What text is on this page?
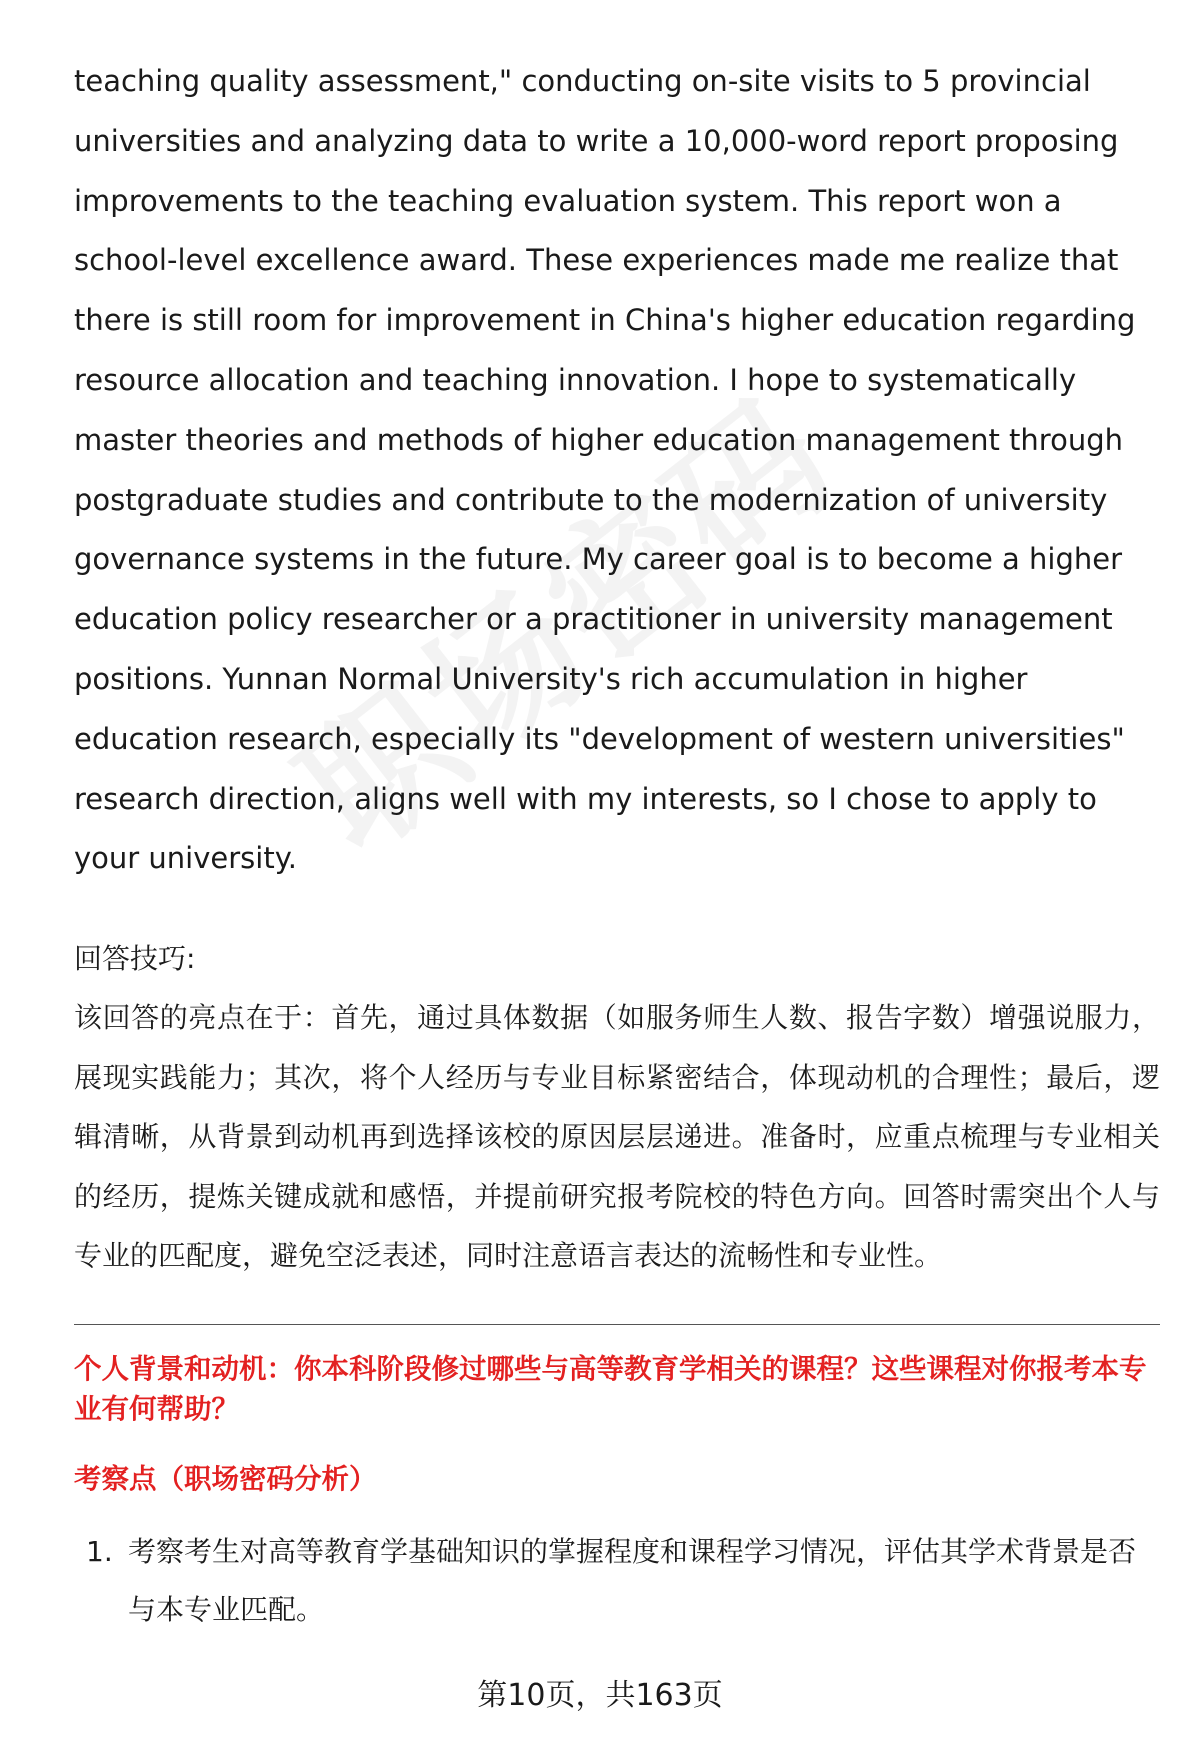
teaching quality assessment," conducting on-site visits to 5 provincial universities and analyzing data to write a 10,000-word report proposing improvements to the teaching evaluation system. This report won a school-level excellence award. These experiences made me realize that there is still room for improvement in China's higher education regarding resource allocation and teaching innovation. I hope to systematically master theories and methods of higher education management through postgraduate studies and contribute to the modernization of university governance systems in the future. My career goal is to become a higher education policy researcher or a practitioner in university management positions. Yunnan Normal University's rich accumulation in higher education research, especially its "development of western universities" research direction, aligns well with my interests, so I chose to apply to your university.

回答技巧:

该回答的亮点在于：首先，通过具体数据（如服务师生人数、报告字数）增强说服力，展现实践能力；其次，将个人经历与专业目标紧密结合，体现动机的合理性；最后，逻辑清晰，从背景到动机再到选择该校的原因层层递进。准备时，应重点梳理与专业相关的经历，提炼关键成就和感悟，并提前研究报考院校的特色方向。回答时需突出个人与专业的匹配度，避免空泛表述，同时注意语言表达的流畅性和专业性。

个人背景和动机：你本科阶段修过哪些与高等教育学相关的课程？这些课程对你报考本专业有何帮助？
考察点（职场密码分析）
1. 考察考生对高等教育学基础知识的掌握程度和课程学习情况，评估其学术背景是否与本专业匹配。
第10页，共163页
